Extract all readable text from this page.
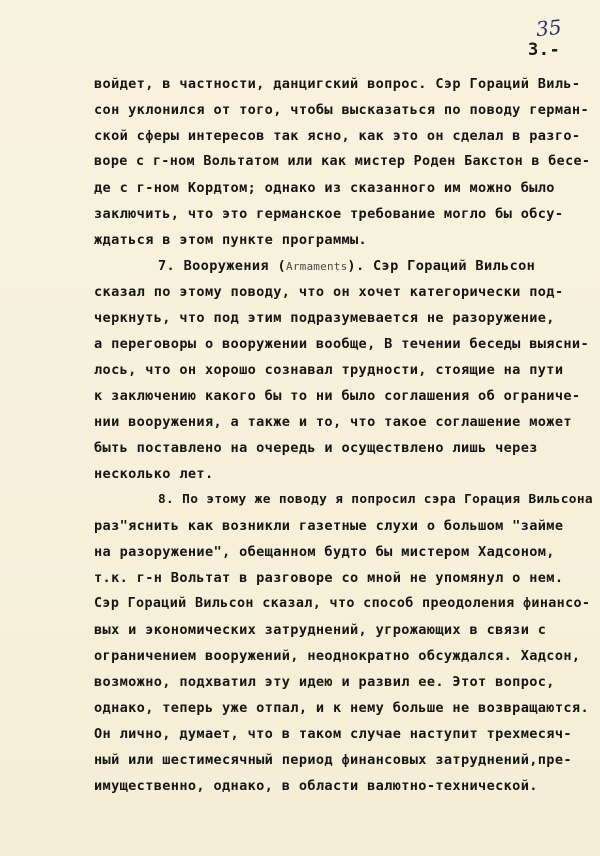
35
3.-
войдет, в частности, данцигский вопрос. Сэр Гораций Виль-
сон уклонился от того, чтобы высказаться по поводу герман-
ской сферы интересов так ясно, как это он сделал в разго-
воре с г-ном Вольтатом или как мистер Роден Бакстон в бесе-
де с г-ном Кордтом; однако из сказанного им можно было
заключить, что это германское требование могло бы обсу-
ждаться в этом пункте программы.
7. Вооружения (Armaments). Сэр Гораций Вильсон
сказал по этому поводу, что он хочет категорически под-
черкнуть, что под этим подразумевается не разоружение,
а переговоры о вооружении вообще, В течении беседы выясни-
лось, что он хорошо сознавал трудности, стоящие на пути
к заключению какого бы то ни было соглашения об ограниче-
нии вооружения, а также и то, что такое соглашение может
быть поставлено на очередь и осуществлено лишь через
несколько лет.
8. По этому же поводу я попросил сэра Горация Вильсона
раз"яснить как возникли газетные слухи о большом "займе
на разоружение", обещанном будто бы мистером Хадсоном,
т.к. г-н Вольтат в разговоре со мной не упомянул о нем.
Сэр Гораций Вильсон сказал, что способ преодоления финансо-
вых и экономических затруднений, угрожающих в связи с
ограничением вооружений, неоднократно обсуждался. Хадсон,
возможно, подхватил эту идею и развил ее. Этот вопрос,
однако, теперь уже отпал, и к нему больше не возвращаются.
Он лично, думает, что в таком случае наступит трехмесяч-
ный или шестимесячный период финансовых затруднений,пре-
имущественно, однако, в области валютно-технической.
